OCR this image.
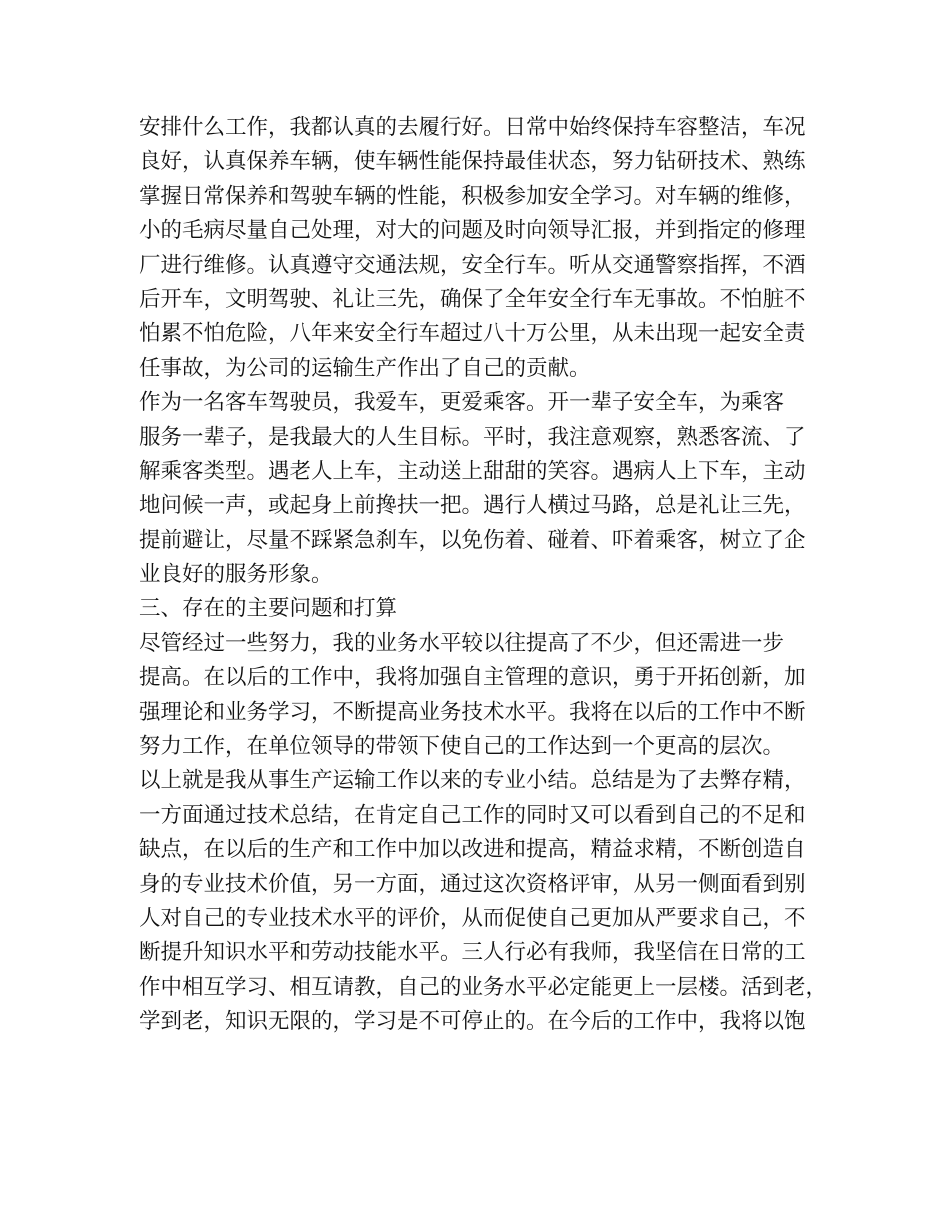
安排什么工作，我都认真的去履行好。日常中始终保持车容整洁，车况
良好，认真保养车辆，使车辆性能保持最佳状态，努力钻研技术、熟练
掌握日常保养和驾驶车辆的性能，积极参加安全学习。对车辆的维修，
小的毛病尽量自己处理，对大的问题及时向领导汇报，并到指定的修理
厂进行维修。认真遵守交通法规，安全行车。听从交通警察指挥，不酒
后开车，文明驾驶、礼让三先，确保了全年安全行车无事故。不怕脏不
怕累不怕危险，八年来安全行车超过八十万公里，从未出现一起安全责
任事故，为公司的运输生产作出了自己的贡献。
作为一名客车驾驶员，我爱车，更爱乘客。开一辈子安全车，为乘客
服务一辈子，是我最大的人生目标。平时，我注意观察，熟悉客流、了
解乘客类型。遇老人上车，主动送上甜甜的笑容。遇病人上下车，主动
地问候一声，或起身上前搀扶一把。遇行人横过马路，总是礼让三先，
提前避让，尽量不踩紧急刹车，以免伤着、碰着、吓着乘客，树立了企
业良好的服务形象。
三、存在的主要问题和打算
尽管经过一些努力，我的业务水平较以往提高了不少，但还需进一步
提高。在以后的工作中，我将加强自主管理的意识，勇于开拓创新，加
强理论和业务学习，不断提高业务技术水平。我将在以后的工作中不断
努力工作，在单位领导的带领下使自己的工作达到一个更高的层次。
以上就是我从事生产运输工作以来的专业小结。总结是为了去弊存精，
一方面通过技术总结，在肯定自己工作的同时又可以看到自己的不足和
缺点，在以后的生产和工作中加以改进和提高，精益求精，不断创造自
身的专业技术价值，另一方面，通过这次资格评审，从另一侧面看到别
人对自己的专业技术水平的评价，从而促使自己更加从严要求自己，不
断提升知识水平和劳动技能水平。三人行必有我师，我坚信在日常的工
作中相互学习、相互请教，自己的业务水平必定能更上一层楼。活到老，
学到老，知识无限的，学习是不可停止的。在今后的工作中，我将以饱
